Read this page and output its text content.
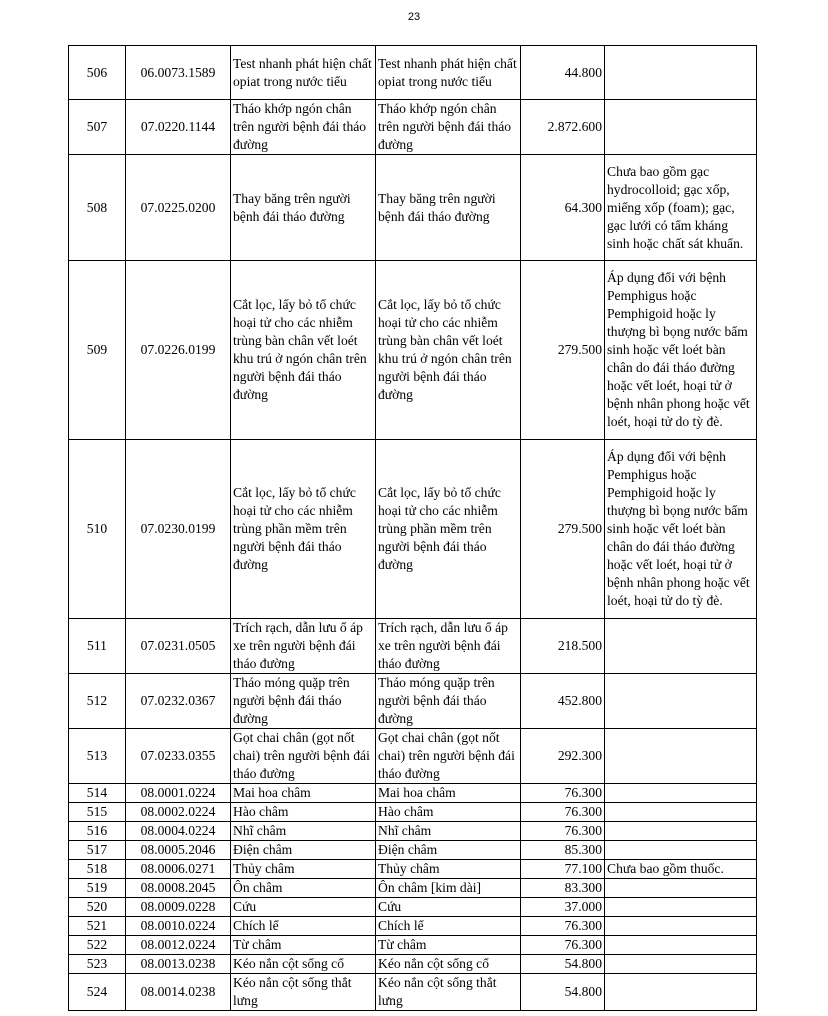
23
506	06.0073.1589	Test nhanh phát hiện chất opiat trong nước tiểu	Test nhanh phát hiện chất opiat trong nước tiểu	44.800	
507	07.0220.1144	Tháo khớp ngón chân trên người bệnh đái tháo đường	Tháo khớp ngón chân trên người bệnh đái tháo đường	2.872.600	
508	07.0225.0200	Thay băng trên người bệnh đái tháo đường	Thay băng trên người bệnh đái tháo đường	64.300	Chưa bao gồm gạc hydrocolloid; gạc xốp, miếng xốp (foam); gạc, gạc lưới có tẩm kháng sinh hoặc chất sát khuẩn.
509	07.0226.0199	Cắt lọc, lấy bỏ tổ chức hoại tử cho các nhiễm trùng bàn chân vết loét khu trú ở ngón chân trên người bệnh đái tháo đường	Cắt lọc, lấy bỏ tổ chức hoại tử cho các nhiễm trùng bàn chân vết loét khu trú ở ngón chân trên người bệnh đái tháo đường	279.500	Áp dụng đối với bệnh Pemphigus hoặc Pemphigoid hoặc ly thượng bì bọng nước bẩm sinh hoặc vết loét bàn chân do đái tháo đường hoặc vết loét, hoại tử ở bệnh nhân phong hoặc vết loét, hoại tử do tỳ đè.
510	07.0230.0199	Cắt lọc, lấy bỏ tổ chức hoại tử cho các nhiễm trùng phần mềm trên người bệnh đái tháo đường	Cắt lọc, lấy bỏ tổ chức hoại tử cho các nhiễm trùng phần mềm trên người bệnh đái tháo đường	279.500	Áp dụng đối với bệnh Pemphigus hoặc Pemphigoid hoặc ly thượng bì bọng nước bẩm sinh hoặc vết loét bàn chân do đái tháo đường hoặc vết loét, hoại tử ở bệnh nhân phong hoặc vết loét, hoại tử do tỳ đè.
511	07.0231.0505	Trích rạch, dẫn lưu ổ áp xe trên người bệnh đái tháo đường	Trích rạch, dẫn lưu ổ áp xe trên người bệnh đái tháo đường	218.500	
512	07.0232.0367	Tháo móng quặp trên người bệnh đái tháo đường	Tháo móng quặp trên người bệnh đái tháo đường	452.800	
513	07.0233.0355	Gọt chai chân (gọt nốt chai) trên người bệnh đái tháo đường	Gọt chai chân (gọt nốt chai) trên người bệnh đái tháo đường	292.300	
514	08.0001.0224	Mai hoa châm	Mai hoa châm	76.300	
515	08.0002.0224	Hào châm	Hào châm	76.300	
516	08.0004.0224	Nhĩ châm	Nhĩ châm	76.300	
517	08.0005.2046	Điện châm	Điện châm	85.300	
518	08.0006.0271	Thủy châm	Thủy châm	77.100	Chưa bao gồm thuốc.
519	08.0008.2045	Ôn châm	Ôn châm [kim dài]	83.300	
520	08.0009.0228	Cứu	Cứu	37.000	
521	08.0010.0224	Chích lể	Chích lể	76.300	
522	08.0012.0224	Từ châm	Từ châm	76.300	
523	08.0013.0238	Kéo nắn cột sống cổ	Kéo nắn cột sống cổ	54.800	
524	08.0014.0238	Kéo nắn cột sống thắt lưng	Kéo nắn cột sống thắt lưng	54.800	
